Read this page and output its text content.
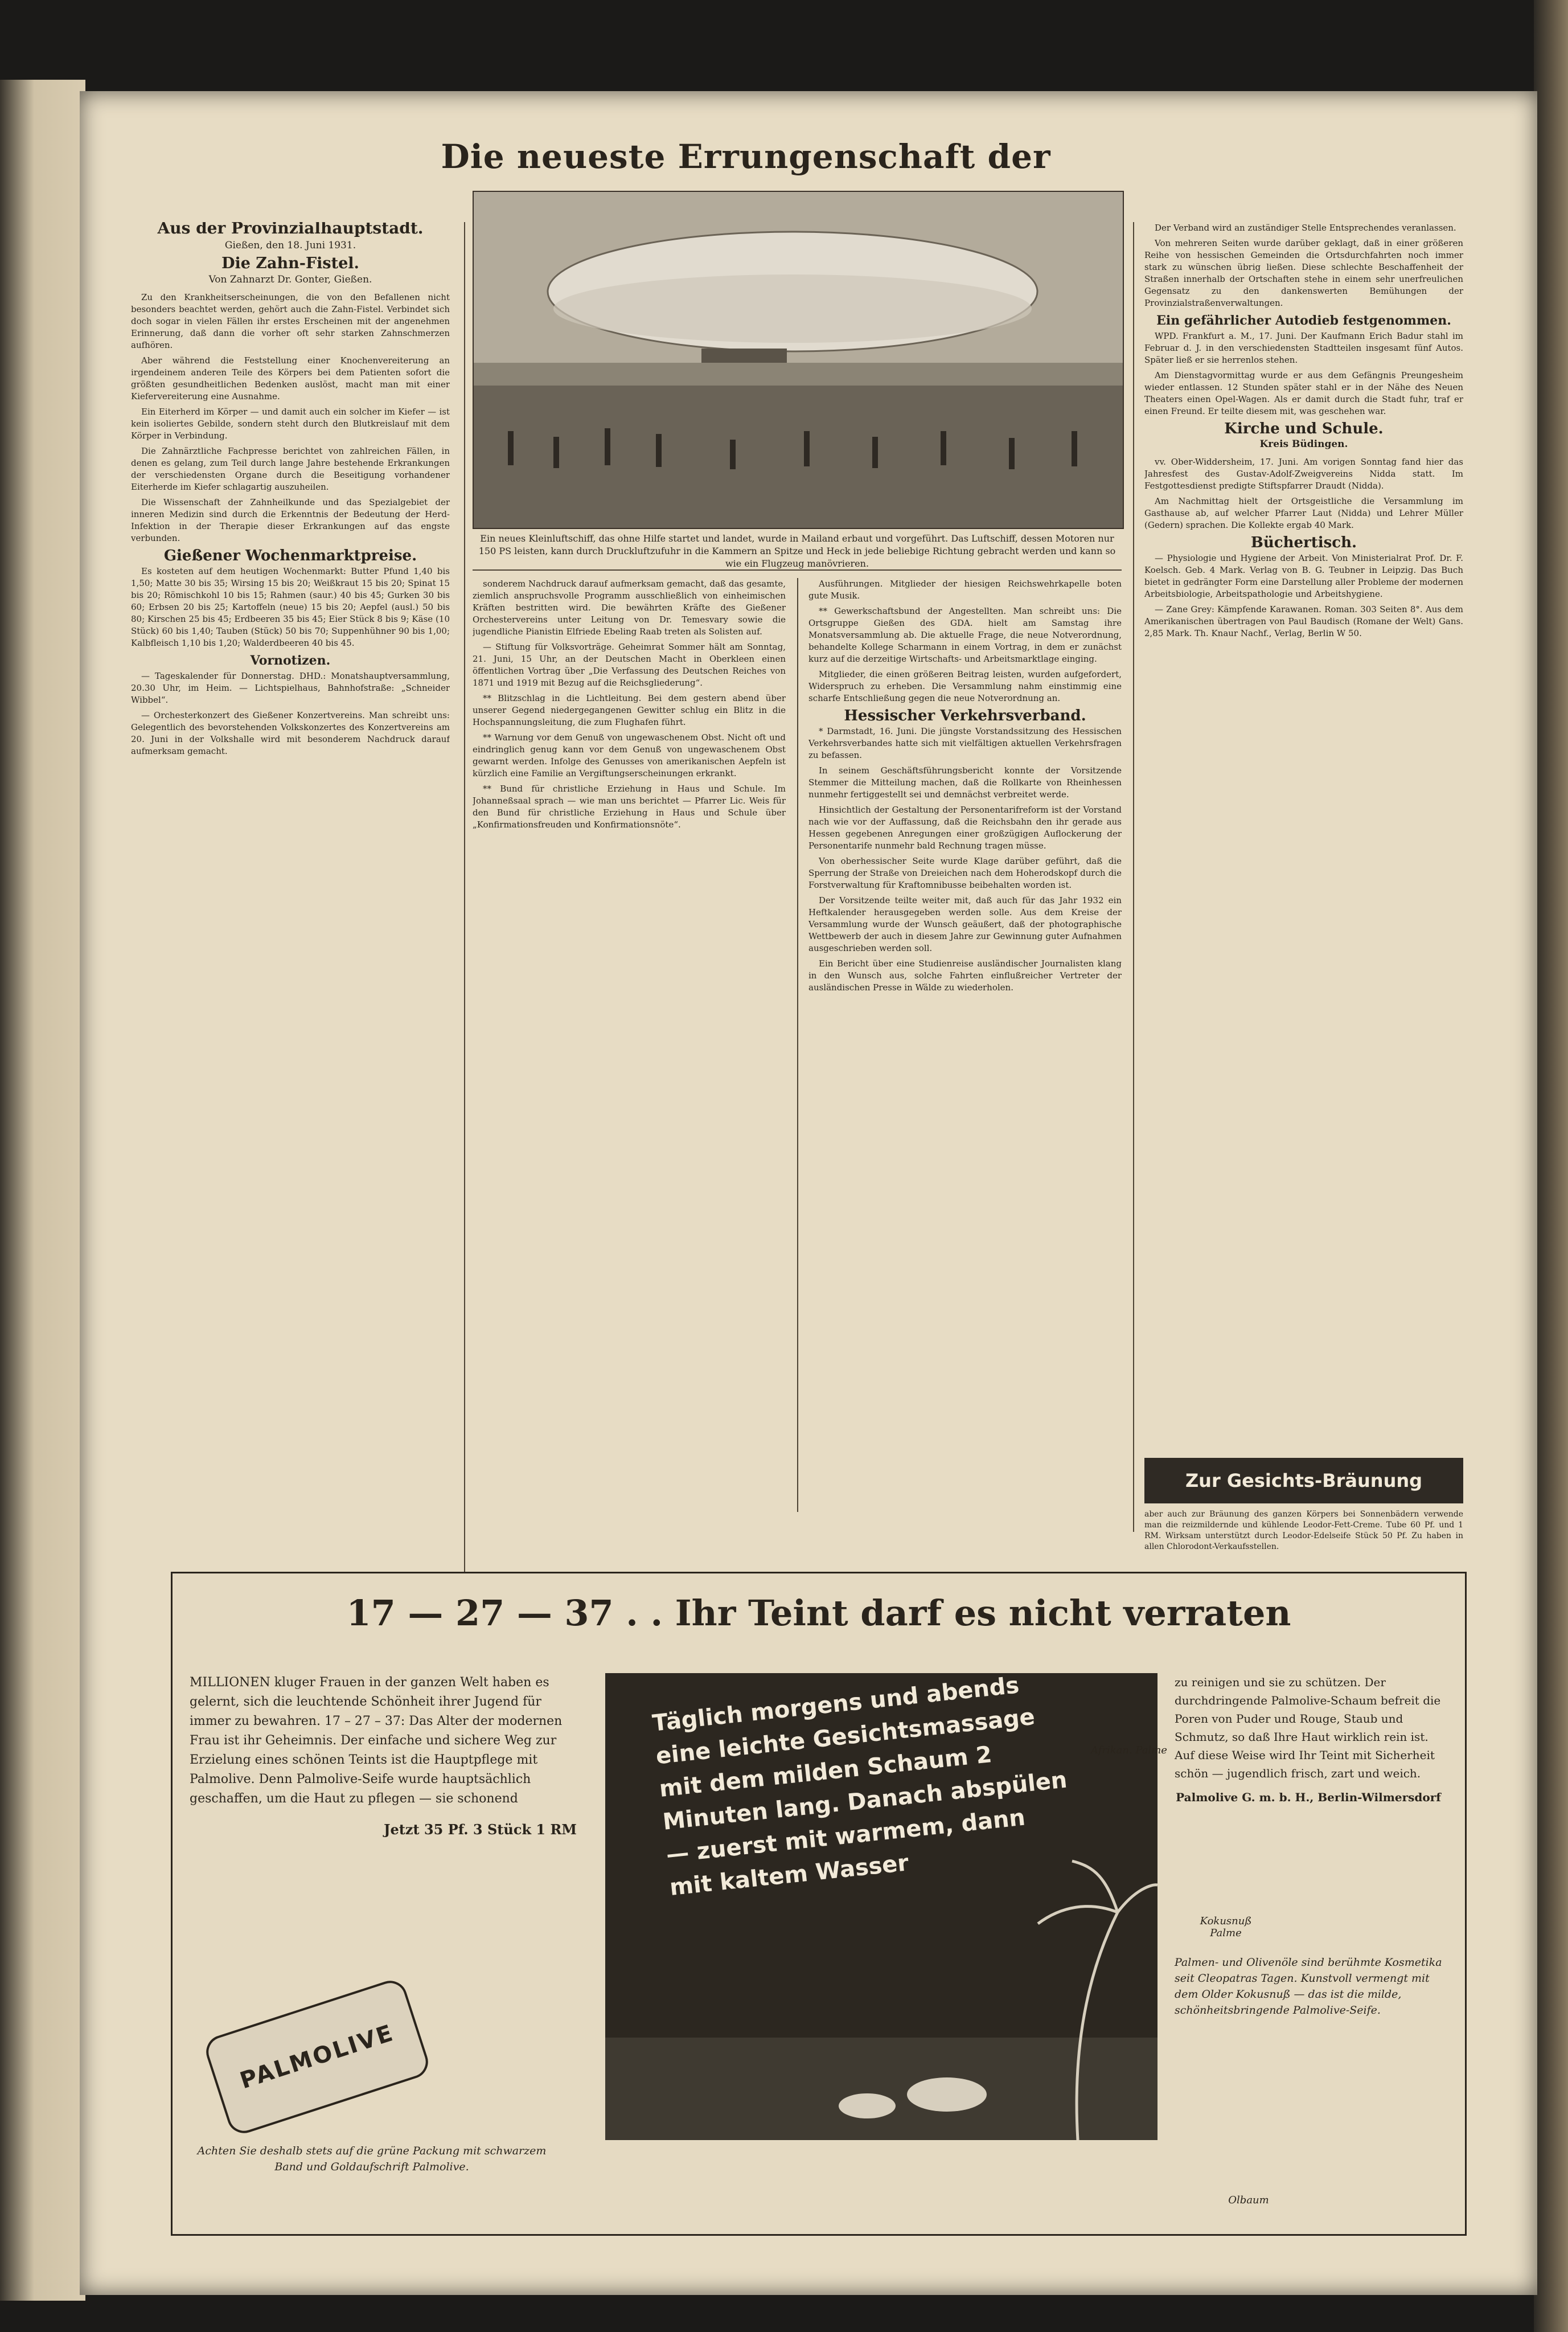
Aus der Provinzialhauptstadt.
Gießen, den 18. Juni 1931.
Die Zahn-Fistel.
Von Zahnarzt Dr. Gonter, Gießen.

Zu den Krankheitserscheinungen, die von den Befallenen nicht besonders beachtet werden, gehört auch die Zahn-Fistel. Verbindet sich doch sogar in vielen Fällen ihr erstes Erscheinen mit der angenehmen Erinnerung, daß dann die vorher oft sehr starken Zahnschmerzen aufhören.

Aber während die Feststellung einer Knochenvereiterung an irgendeinem anderen Teile des Körpers bei dem Patienten sofort die größten gesundheitlichen Bedenken auslöst, macht man mit einer Kiefervereiterung eine Ausnahme.

Ein Eiterherd im Körper — und damit auch ein solcher im Kiefer — ist kein isoliertes Gebilde, sondern steht durch den Blutkreislauf mit dem Körper in Verbindung.

Die Zahnärztliche Fachpresse berichtet von zahlreichen Fällen, in denen es gelang, zum Teil durch lange Jahre bestehende Erkrankungen der verschiedensten Organe durch die Beseitigung vorhandener Eiterherde im Kiefer schlagartig auszuheilen.

Die Wissenschaft der Zahnheilkunde und das Spezialgebiet der inneren Medizin sind durch die Erkenntnis der Bedeutung der Herd-Infektion in der Therapie dieser Erkrankungen auf das engste verbunden.

Gießener Wochenmarktpreise.

Es kosteten auf dem heutigen Wochenmarkt: Butter Pfund 1,40 bis 1,50; Matte 30 bis 35; Wirsing 15 bis 20; Weißkraut 15 bis 20; Spinat 15 bis 20; Römischkohl 10 bis 15; Rahmen (saur.) 40 bis 45; Gurken 30 bis 60; Erbsen 20 bis 25; Kartoffeln (neue) 15 bis 20; Aepfel (ausl.) 50 bis 80; Kirschen 25 bis 45; Erdbeeren 35 bis 45; Eier Stück 8 bis 9; Käse (10 Stück) 60 bis 1,40; Tauben (Stück) 50 bis 70; Suppenhühner 90 bis 1,00; Kalbfleisch 1,10 bis 1,20; Walderdbeeren 40 bis 45.

Vornotizen.

— Tageskalender für Donnerstag. DHD.: Monatshauptversammlung, 20.30 Uhr, im Heim. — Lichtspielhaus, Bahnhofstraße: „Schneider Wibbel“.

— Orchesterkonzert des Gießener Konzertvereins. Man schreibt uns: Gelegentlich des bevorstehenden Volkskonzertes des Konzertvereins am 20. Juni in der Volkshalle wird mit besonderem Nachdruck darauf aufmerksam gemacht.

Die neueste Errungenschaft der
Ein neues Kleinluftschiff, das ohne Hilfe startet und landet, wurde in Mailand erbaut und vorgeführt. Das Luftschiff, dessen Motoren nur 150 PS leisten, kann durch Druckluftzufuhr in die Kammern an Spitze und Heck in jede beliebige Richtung gebracht werden und kann so wie ein Flugzeug manövrieren.

sonderem Nachdruck darauf aufmerksam gemacht, daß das gesamte, ziemlich anspruchsvolle Programm ausschließlich von einheimischen Kräften bestritten wird. Die bewährten Kräfte des Gießener Orchestervereins unter Leitung von Dr. Temesvary sowie die jugendliche Pianistin Elfriede Ebeling Raab treten als Solisten auf.

— Stiftung für Volksvorträge. Geheimrat Sommer hält am Sonntag, 21. Juni, 15 Uhr, an der Deutschen Macht in Oberkleen einen öffentlichen Vortrag über „Die Verfassung des Deutschen Reiches von 1871 und 1919 mit Bezug auf die Reichsgliederung“.

** Blitzschlag in die Lichtleitung. Bei dem gestern abend über unserer Gegend niedergegangenen Gewitter schlug ein Blitz in die Hochspannungsleitung, die zum Flughafen führt.

** Warnung vor dem Genuß von ungewaschenem Obst. Nicht oft und eindringlich genug kann vor dem Genuß von ungewaschenem Obst gewarnt werden. Infolge des Genusses von amerikanischen Aepfeln ist kürzlich eine Familie an Vergiftungserscheinungen erkrankt.

** Bund für christliche Erziehung in Haus und Schule. Im Johanneßsaal sprach — wie man uns berichtet — Pfarrer Lic. Weis für den Bund für christliche Erziehung in Haus und Schule über „Konfirmationsfreuden und Konfirmationsnöte“.

Ausführungen. Mitglieder der hiesigen Reichswehrkapelle boten gute Musik.

** Gewerkschaftsbund der Angestellten. Man schreibt uns: Die Ortsgruppe Gießen des GDA. hielt am Samstag ihre Monatsversammlung ab. Die aktuelle Frage, die neue Notverordnung, behandelte Kollege Scharmann in einem Vortrag, in dem er zunächst kurz auf die derzeitige Wirtschafts- und Arbeitsmarktlage einging.

Mitglieder, die einen größeren Beitrag leisten, wurden aufgefordert, Widerspruch zu erheben. Die Versammlung nahm einstimmig eine scharfe Entschließung gegen die neue Notverordnung an.

Hessischer Verkehrsverband.

* Darmstadt, 16. Juni. Die jüngste Vorstandssitzung des Hessischen Verkehrsverbandes hatte sich mit vielfältigen aktuellen Verkehrsfragen zu befassen.

In seinem Geschäftsführungsbericht konnte der Vorsitzende Stemmer die Mitteilung machen, daß die Rollkarte von Rheinhessen nunmehr fertiggestellt sei und demnächst verbreitet werde.

Hinsichtlich der Gestaltung der Personentarifreform ist der Vorstand nach wie vor der Auffassung, daß die Reichsbahn den ihr gerade aus Hessen gegebenen Anregungen einer großzügigen Auflockerung der Personentarife nunmehr bald Rechnung tragen müsse.

Von oberhessischer Seite wurde Klage darüber geführt, daß die Sperrung der Straße von Dreieichen nach dem Hoherodskopf durch die Forstverwaltung für Kraftomnibusse beibehalten worden ist.

Der Vorsitzende teilte weiter mit, daß auch für das Jahr 1932 ein Heftkalender herausgegeben werden solle. Aus dem Kreise der Versammlung wurde der Wunsch geäußert, daß der photographische Wettbewerb der auch in diesem Jahre zur Gewinnung guter Aufnahmen ausgeschrieben werden soll.

Ein Bericht über eine Studienreise ausländischer Journalisten klang in den Wunsch aus, solche Fahrten einflußreicher Vertreter der ausländischen Presse in Wälde zu wiederholen.

Der Verband wird an zuständiger Stelle Entsprechendes veranlassen.

Von mehreren Seiten wurde darüber geklagt, daß in einer größeren Reihe von hessischen Gemeinden die Ortsdurchfahrten noch immer stark zu wünschen übrig ließen. Diese schlechte Beschaffenheit der Straßen innerhalb der Ortschaften stehe in einem sehr unerfreulichen Gegensatz zu den dankenswerten Bemühungen der Provinzialstraßenverwaltungen.

Ein gefährlicher Autodieb festgenommen.

WPD. Frankfurt a. M., 17. Juni. Der Kaufmann Erich Badur stahl im Februar d. J. in den verschiedensten Stadtteilen insgesamt fünf Autos. Später ließ er sie herrenlos stehen.

Am Dienstagvormittag wurde er aus dem Gefängnis Preungesheim wieder entlassen. 12 Stunden später stahl er in der Nähe des Neuen Theaters einen Opel-Wagen. Als er damit durch die Stadt fuhr, traf er einen Freund. Er teilte diesem mit, was geschehen war.

Kirche und Schule.
Kreis Büdingen.

vv. Ober-Widdersheim, 17. Juni. Am vorigen Sonntag fand hier das Jahresfest des Gustav-Adolf-Zweigvereins Nidda statt. Im Festgottesdienst predigte Stiftspfarrer Draudt (Nidda).

Am Nachmittag hielt der Ortsgeistliche die Versammlung im Gasthause ab, auf welcher Pfarrer Laut (Nidda) und Lehrer Müller (Gedern) sprachen. Die Kollekte ergab 40 Mark.

Büchertisch.

— Physiologie und Hygiene der Arbeit. Von Ministerialrat Prof. Dr. F. Koelsch. Geb. 4 Mark. Verlag von B. G. Teubner in Leipzig. Das Buch bietet in gedrängter Form eine Darstellung aller Probleme der modernen Arbeitsbiologie, Arbeitspathologie und Arbeitshygiene.

— Zane Grey: Kämpfende Karawanen. Roman. 303 Seiten 8°. Aus dem Amerikanischen übertragen von Paul Baudisch (Romane der Welt) Gans. 2,85 Mark. Th. Knaur Nachf., Verlag, Berlin W 50.

Zur Gesichts-Bräunung
aber auch zur Bräunung des ganzen Körpers bei Sonnenbädern verwende man die reizmildernde und kühlende Leodor-Fett-Creme. Tube 60 Pf. und 1 RM. Wirksam unterstützt durch Leodor-Edelseife Stück 50 Pf. Zu haben in allen Chlorodont-Verkaufsstellen.
17 — 27 — 37 . . Ihr Teint darf es nicht verraten
MILLIONEN kluger Frauen in der ganzen Welt haben es gelernt, sich die leuchtende Schönheit ihrer Jugend für immer zu bewahren. 17 – 27 – 37: Das Alter der modernen Frau ist ihr Geheimnis. Der einfache und sichere Weg zur Erzielung eines schönen Teints ist die Hauptpflege mit Palmolive. Denn Palmolive-Seife wurde hauptsächlich geschaffen, um die Haut zu pflegen — sie schonend
Jetzt 35 Pf. 3 Stück 1 RM
PALMOLIVE
Achten Sie deshalb stets auf die grüne Packung mit schwarzem Band und Goldaufschrift Palmolive.
Täglich morgens und abends eine leichte Gesichtsmassage mit dem milden Schaum 2 Minuten lang. Danach abspülen — zuerst mit warmem, dann mit kaltem Wasser
zu reinigen und sie zu schützen. Der durchdringende Palmolive-Schaum befreit die Poren von Puder und Rouge, Staub und Schmutz, so daß Ihre Haut wirklich rein ist. Auf diese Weise wird Ihr Teint mit Sicherheit schön — jugendlich frisch, zart und weich.
Palmolive G. m. b. H., Berlin-Wilmersdorf
Palmen- und Olivenöle sind berühmte Kosmetika seit Cleopatras Tagen. Kunstvoll vermengt mit dem Older Kokusnuß — das ist die milde, schönheitsbringende Palmolive-Seife.
Afrikan. Palme
Kokusnuß Palme
Olbaum
